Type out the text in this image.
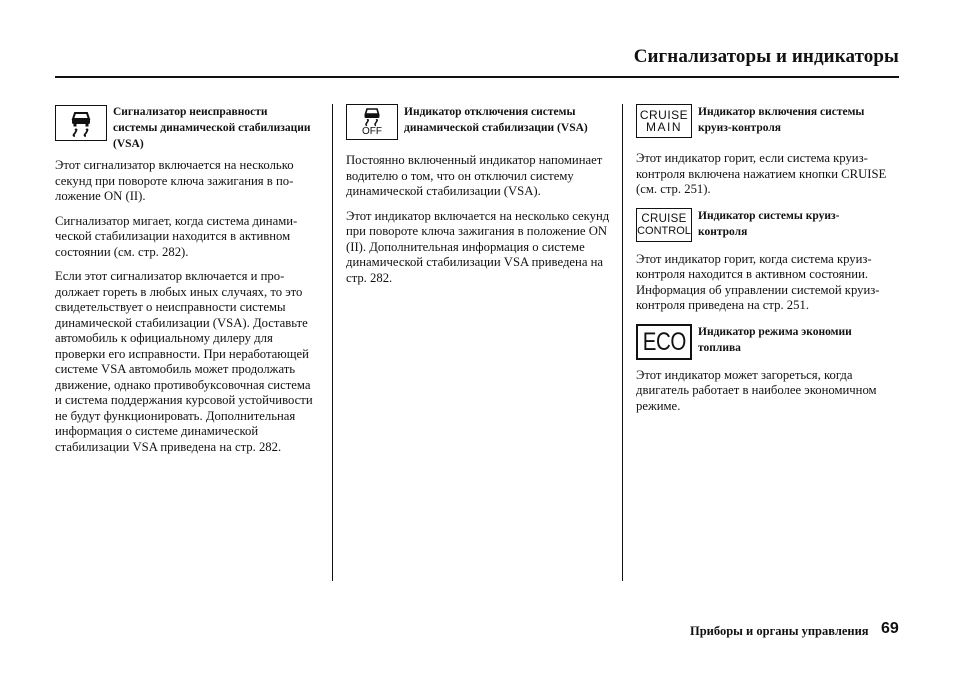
Сигнализаторы и индикаторы
Сигнализатор неисправности системы динамической стабилизации (VSA)

Этот сигнализатор включается на несколько секунд при повороте ключа зажигания в положение ON (II).

Сигнализатор мигает, когда система динамической стабилизации находится в активном состоянии (см. стр. 282).

Если этот сигнализатор включается и продолжает гореть в любых иных случаях, то это свидетельствует о неисправности системы динамической стабилизации (VSA). Доставьте автомобиль к официальному дилеру для проверки его исправности. При неработающей системе VSA автомобиль может продолжать движение, однако противобуксовочная система и система поддержания курсовой устойчивости не будут функционировать. Дополнительная информация о системе динамической стабилизации VSA приведена на стр. 282.

OFF
Индикатор отключения системы динамической стабилизации (VSA)

Постоянно включенный индикатор напоминает водителю о том, что он отключил систему динамической стабилизации (VSA).

Этот индикатор включается на несколько секунд при повороте ключа зажигания в положение ON (II). Дополнительная информация о системе динамической стабилизации VSA приведена на стр. 282.

CRUISE
MAIN
Индикатор включения системы круиз-контроля

Этот индикатор горит, если система круиз-контроля включена нажатием кнопки CRUISE (см. стр. 251).

CRUISE
CONTROL
Индикатор системы круиз-контроля

Этот индикатор горит, когда система круиз-контроля находится в активном состоянии. Информация об управлении системой круиз-контроля приведена на стр. 251.

ECO Индикатор режима экономии топлива

Этот индикатор может загореться, когда двигатель работает в наиболее экономичном режиме.

Приборы и органы управления 69
